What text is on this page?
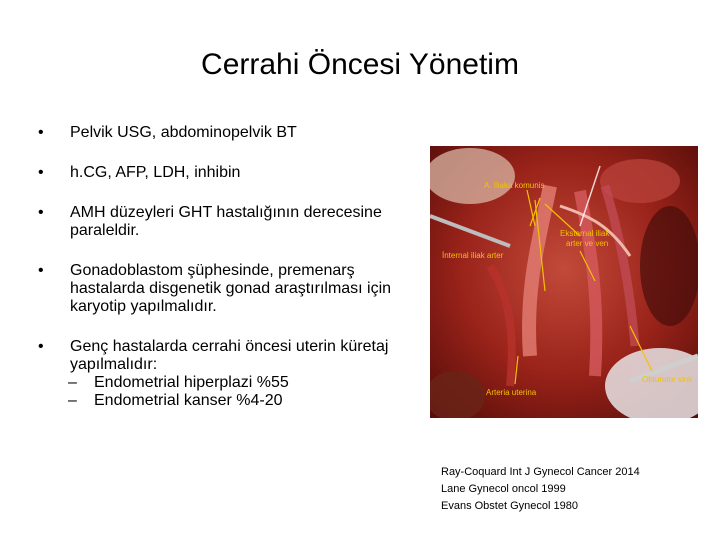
Cerrahi Öncesi Yönetim
• Pelvik USG, abdominopelvik BT
• h.CG, AFP, LDH, inhibin
• AMH düzeyleri GHT hastalığının derecesine paraleldir.
• Gonadoblastom şüphesinde, premenarş hastalarda disgenetik gonad araştırılması için karyotip yapılmalıdır.
• Genç hastalarda cerrahi öncesi uterin küretaj yapılmalıdır:
– Endometrial hiperplazi %55
– Endometrial kanser %4-20
A. İliaka komunis
Eksternal iliak arter ve ven
İnternal iliak arter
Obturator sinir
Arteria uterina
Ray-Coquard Int J Gynecol Cancer 2014
Lane Gynecol oncol 1999
Evans Obstet Gynecol 1980
